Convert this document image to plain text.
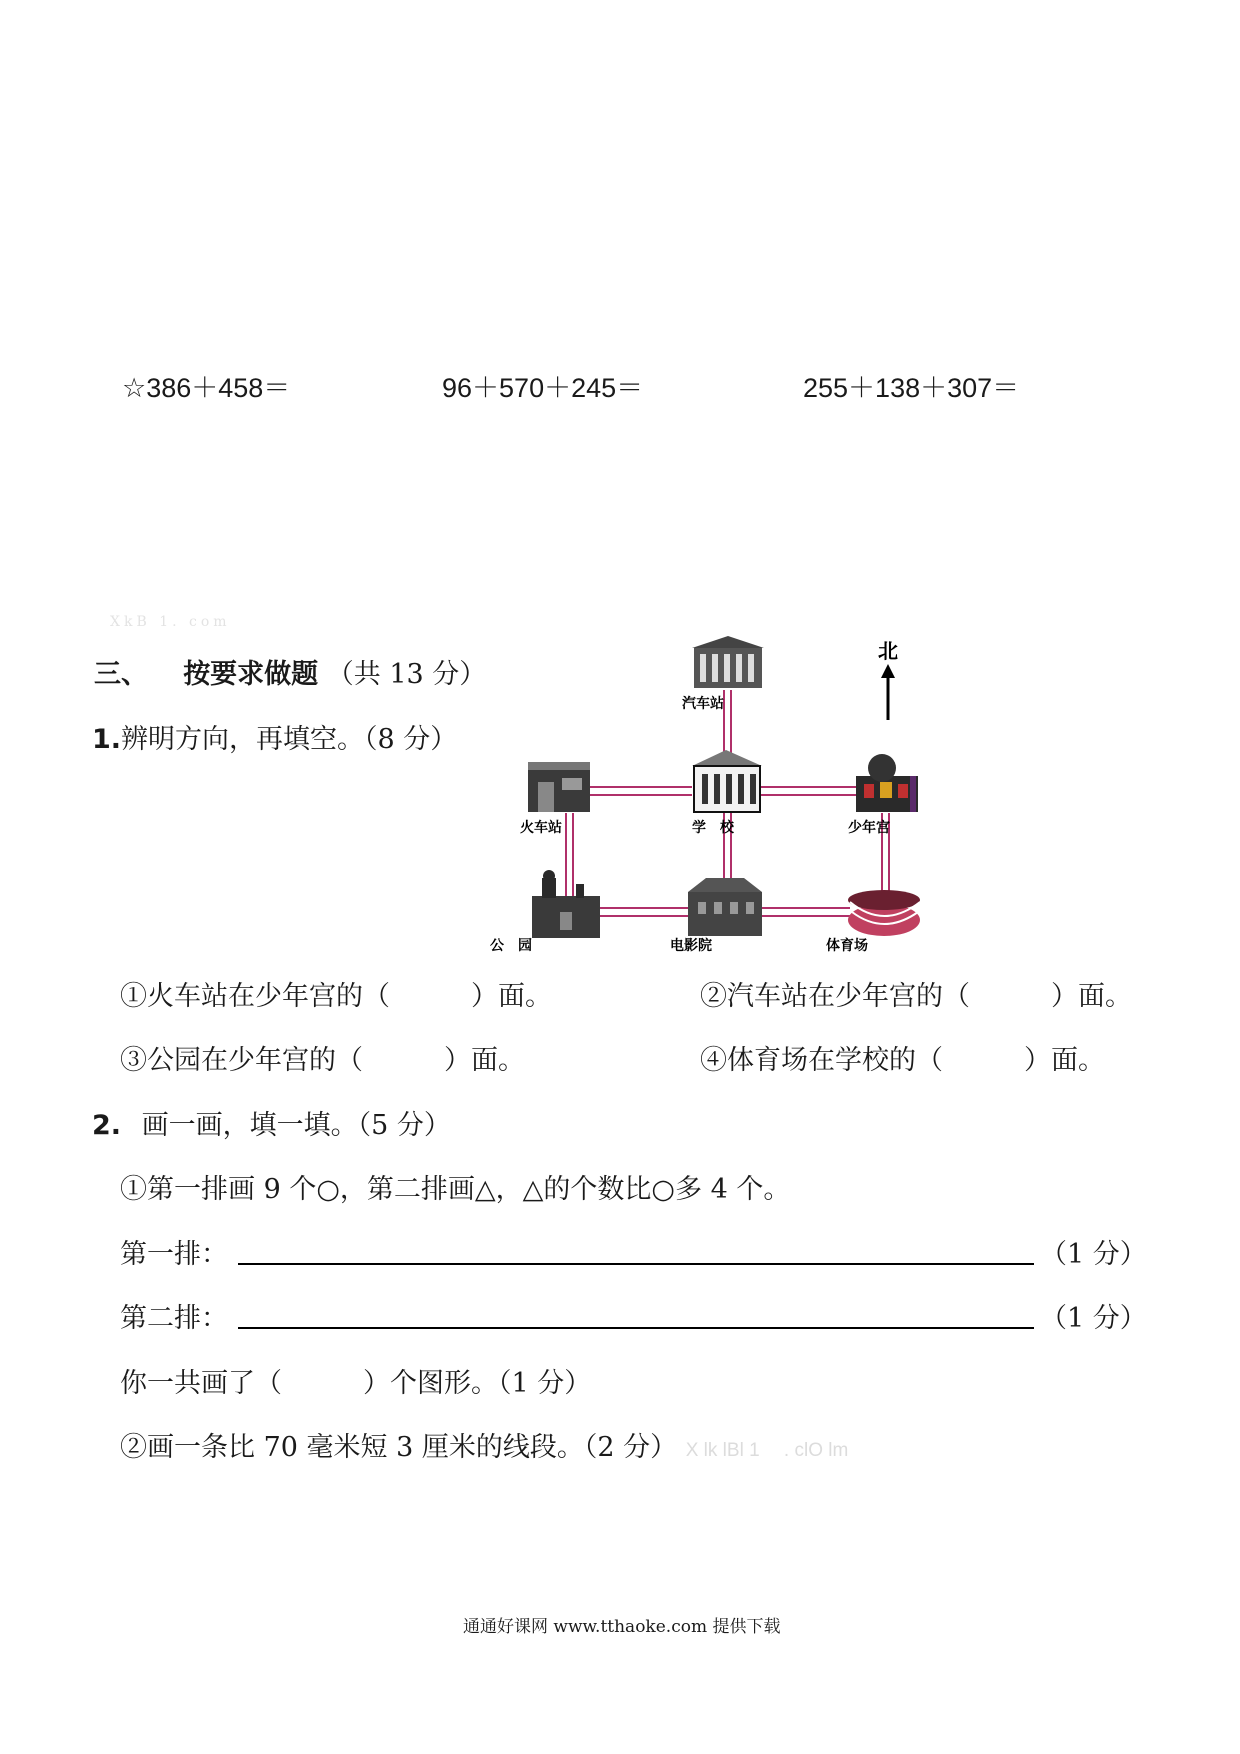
☆386＋458＝	96＋570＋245＝	255＋138＋307＝
XkB 1. com
三、 按要求做题 （共 13 分）
1.辨明方向，再填空。（8 分）
北
汽车站
学　校
火车站	少年宫
公　园	电影院	体育场
①火车站在少年宫的（　　　）面。	②汽车站在少年宫的（　　　）面。
③公园在少年宫的（　　　）面。	④体育场在学校的（　　　）面。
2. 画一画，填一填。（5 分）
①第一排画 9 个○，第二排画△，△的个数比○多 4 个。
第一排：	（1 分）
第二排：	（1 分）
你一共画了（　　　）个图形。（1 分）
②画一条比 70 毫米短 3 厘米的线段。（2 分） X lk lBl 1　 . clO lm
通通好课网 www.tthaoke.com 提供下载
